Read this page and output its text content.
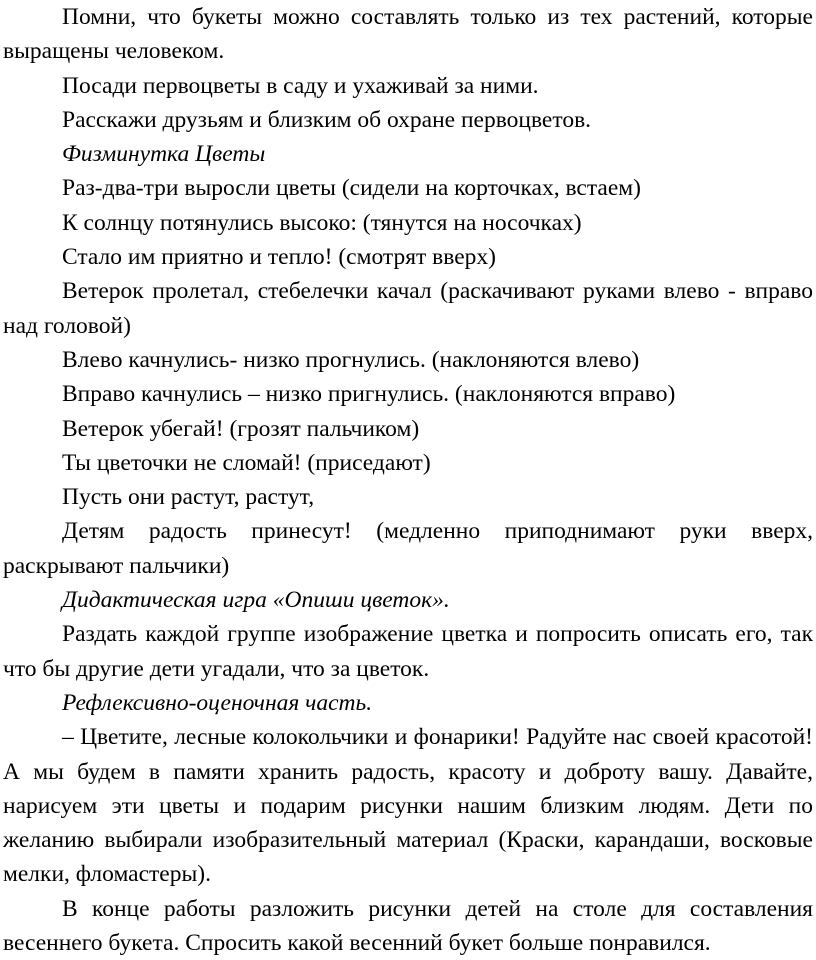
Помни, что букеты можно составлять только из тех растений, которые выращены человеком.

Посади первоцветы в саду и ухаживай за ними.

Расскажи друзьям и близким об охране первоцветов.

Физминутка Цветы

Раз-два-три выросли цветы (сидели на корточках, встаем)

К солнцу потянулись высоко: (тянутся на носочках)

Стало им приятно и тепло! (смотрят вверх)

Ветерок пролетал, стебелечки качал (раскачивают руками влево - вправо над головой)

Влево качнулись- низко прогнулись. (наклоняются влево)

Вправо качнулись – низко пригнулись. (наклоняются вправо)

Ветерок убегай! (грозят пальчиком)

Ты цветочки не сломай! (приседают)

Пусть они растут, растут,

Детям радость принесут! (медленно приподнимают руки вверх, раскрывают пальчики)

Дидактическая игра «Опиши цветок».

Раздать каждой группе изображение цветка и попросить описать его, так что бы другие дети угадали, что за цветок.

Рефлексивно-оценочная часть.

– Цветите, лесные колокольчики и фонарики! Радуйте нас своей красотой! А мы будем в памяти хранить радость, красоту и доброту вашу. Давайте, нарисуем эти цветы и подарим рисунки нашим близким людям. Дети по желанию выбирали изобразительный материал (Краски, карандаши, восковые мелки, фломастеры).

В конце работы разложить рисунки детей на столе для составления весеннего букета. Спросить какой весенний букет больше понравился.
